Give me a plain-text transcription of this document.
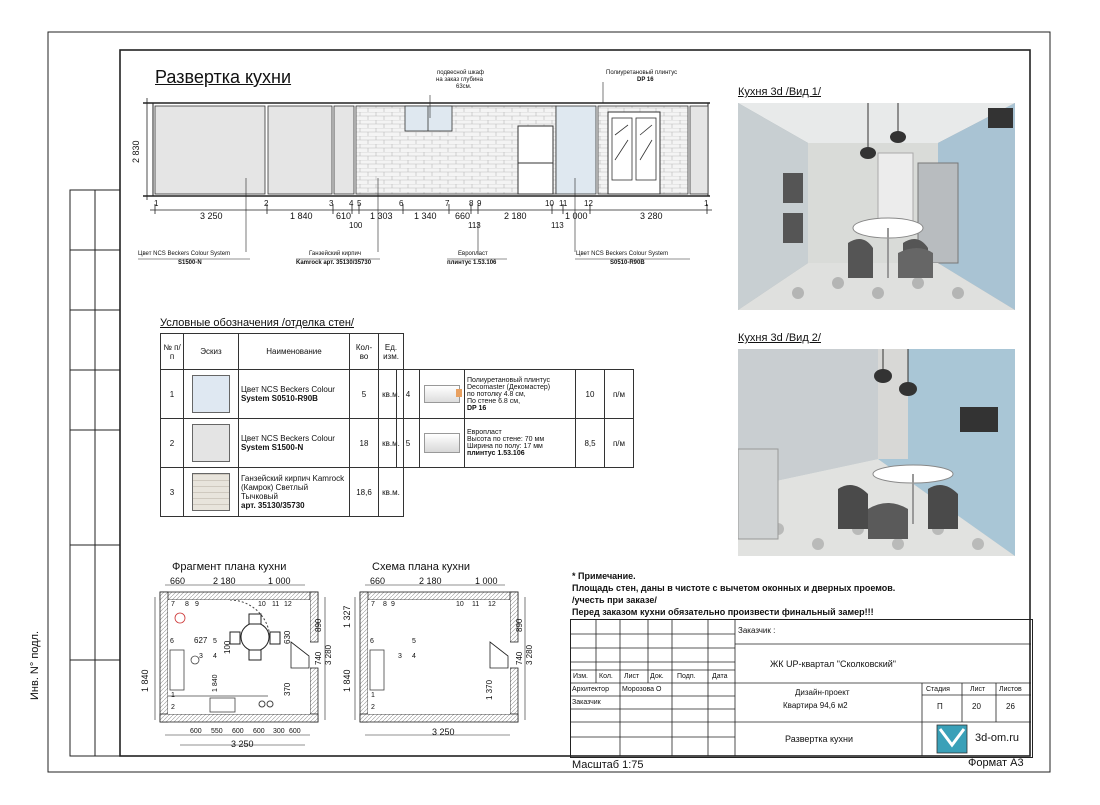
Инв. N° подл.
Развертка кухни
2 830
подвесной шкаф
на заказ глубина
63см.
Полиуретановый плинтус
DP 16
1	2	3 4 5	6	7 8 9	10 11 12	1
3 250	1 840	610 1 303 1 340 660	2 180	1 000	3 280
100	113	113
Цвет NCS Beckers Colour System
S1500-N
Ганзейский кирпич
Kamrock арт. 35130/35730
Европласт
плинтус 1.53.106
Цвет NCS Beckers Colour System
S0510-R90B
Кухня 3d /Вид 1/
Кухня 3d /Вид 2/
Условные обозначения /отделка стен/
№ п/п	Эскиз	Наименование	Кол-во	Ед. изм.
1		Цвет NCS Beckers Colour
System S0510-R90B	5	кв.м.
2		Цвет NCS Beckers Colour
System S1500-N	18	кв.м.
3		Ганзейский кирпич Kamrock
(Камрок) Светлый Тычковый
арт. 35130/35730	18,6	кв.м.
4		Полиуретановый плинтус
Decomaster (Декомастер)
по потолку 4.8 см,
По стене 6.8 см,
DP 16	10	п/м
5		Европласт
Высота по стене: 70 мм
Ширина по полу: 17 мм
плинтус 1.53.106	8,5	п/м
Фрагмент плана кухни
660	2 180	1 000
1 840
890
630
740 3 280
370
100
1 840
600 550 600 600 300 600
3 250
7 8 9	10 11 12
6	5
4
3
2
1
627
Схема плана кухни
660	2 180	1 000
1 327
1 840
890
740 3 280
1 370
3 250
7 8 9	10 11 12
6	5
4
3
2
1
* Примечание.
Площадь стен, даны в чистоте с вычетом оконных и дверных проемов.
/учесть при заказе/
Перед заказом кухни обязательно произвести финальный замер!!!
Заказчик :
ЖК UP-квартал "Сколковский"
Изм. Кол. Лист Док. Подп. Дата
Архитектор Морозова О
Заказчик
Дизайн-проект
Квартира 94,6 м2
Стадия	Лист Листов
П	20	26
Развертка кухни	3d-om.ru
Масштаб 1:75	Формат А3
